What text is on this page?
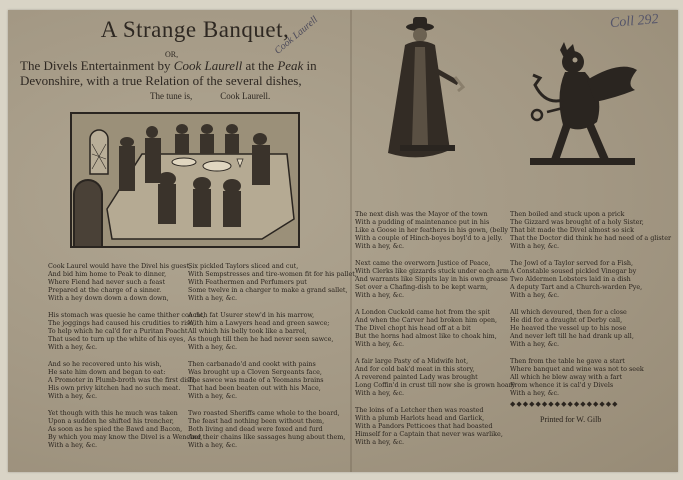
A Strange Banquet,
OR,
The Divels Entertainment by Cook Laurell at the Peak in
Devonshire, with a true Relation of the several dishes,
The tune is,	Cook Laurell.
Cook Laurell	Coll 292
Cook Laurel would have the Divel his guest,
And bid him home to Peak to dinner,
Where Fiend had never such a feast
Prepared at the charge of a sinner.
With a hey down down a down down,
His stomach was quesie he came thither coacht,
The joggings had caused his crudities to rise,
To help which he cal'd for a Puritan Poacht
That used to turn up the white of his eyes,
With a hey, &c.
And so he recovered unto his wish,
He sate him down and began to eat:
A Promoter in Plumb-broth was the first dish,
His own privy kitchen had no such meat.
With a hey, &c.
Yet though with this he much was taken
Upon a sudden he shifted his trencher,
As soon as he spied the Bawd and Bacon,
By which you may know the Divel is a Wencher,
With a hey, &c.
Six pickled Taylors sliced and cut,
With Sempstresses and tire-women fit for his pallet,
With Feathermen and Perfumers put
Some twelve in a charger to make a grand sallet,
With a hey, &c.
A rich fat Usurer stew'd in his marrow,
With him a Lawyers head and green sawce;
All which his belly took like a barrel,
As though till then he had never seen sawce,
With a hey, &c.
Then carbanado'd and cookt with pains
Was brought up a Cloven Sergeants face,
The sawce was made of a Yeomans brains
That had been beaten out with his Mace,
With a hey, &c.
Two roasted Sheriffs came whole to the board,
The feast had nothing been without them,
Both living and dead were foxed and furd
And their chains like sassages hung about them,
With a hey, &c.
The next dish was the Mayor of the town
With a pudding of maintenance put in his
Like a Goose in her feathers in his gown, (belly
With a couple of Hinch-boyes boyl'd to a jelly.
With a hey, &c.
Next came the overworn Justice of Peace,
With Clerks like gizzards stuck under each arm
And warrants like Sippits lay in his own grease
Set over a Chafing-dish to be kept warm,
With a hey, &c.
A London Cuckold came hot from the spit
And when the Carver had broken him open,
The Divel chopt his head off at a bit
But the horns had almost like to choak him,
With a hey, &c.
A fair large Pasty of a Midwife hot,
And for cold bak'd meat in this story,
A reverend painted Lady was brought
Long Coffin'd in crust till now she is grown hoary
With a hey, &c.
The loins of a Letcher then was roasted
With a plumb Harlots head and Garlick,
With a Pandors Petticoes that had boasted
Himself for a Captain that never was warlike,
With a hey, &c.
Then boiled and stuck upon a prick
The Gizzard was brought of a holy Sister,
That bit made the Divel almost so sick
That the Doctor did think he had need of a glister
With a hey, &c.
The Jowl of a Taylor served for a Fish,
A Constable soused pickled Vinegar by
Two Aldermen Lobsters laid in a dish
A deputy Tart and a Church-warden Pye,
With a hey, &c.
All which devoured, then for a close
He did for a draught of Derby call,
He heaved the vessel up to his nose
And never left till he had drank up all,
With a hey, &c.
Then from the table he gave a start
Where banquet and wine was not to seek
All which he blew away with a fart
From whence it is cal'd y Divels
With a hey, &c.
◆◆◆◆◆◆◆◆◆◆◆◆◆◆◆◆◆
Printed for W. Gilb
